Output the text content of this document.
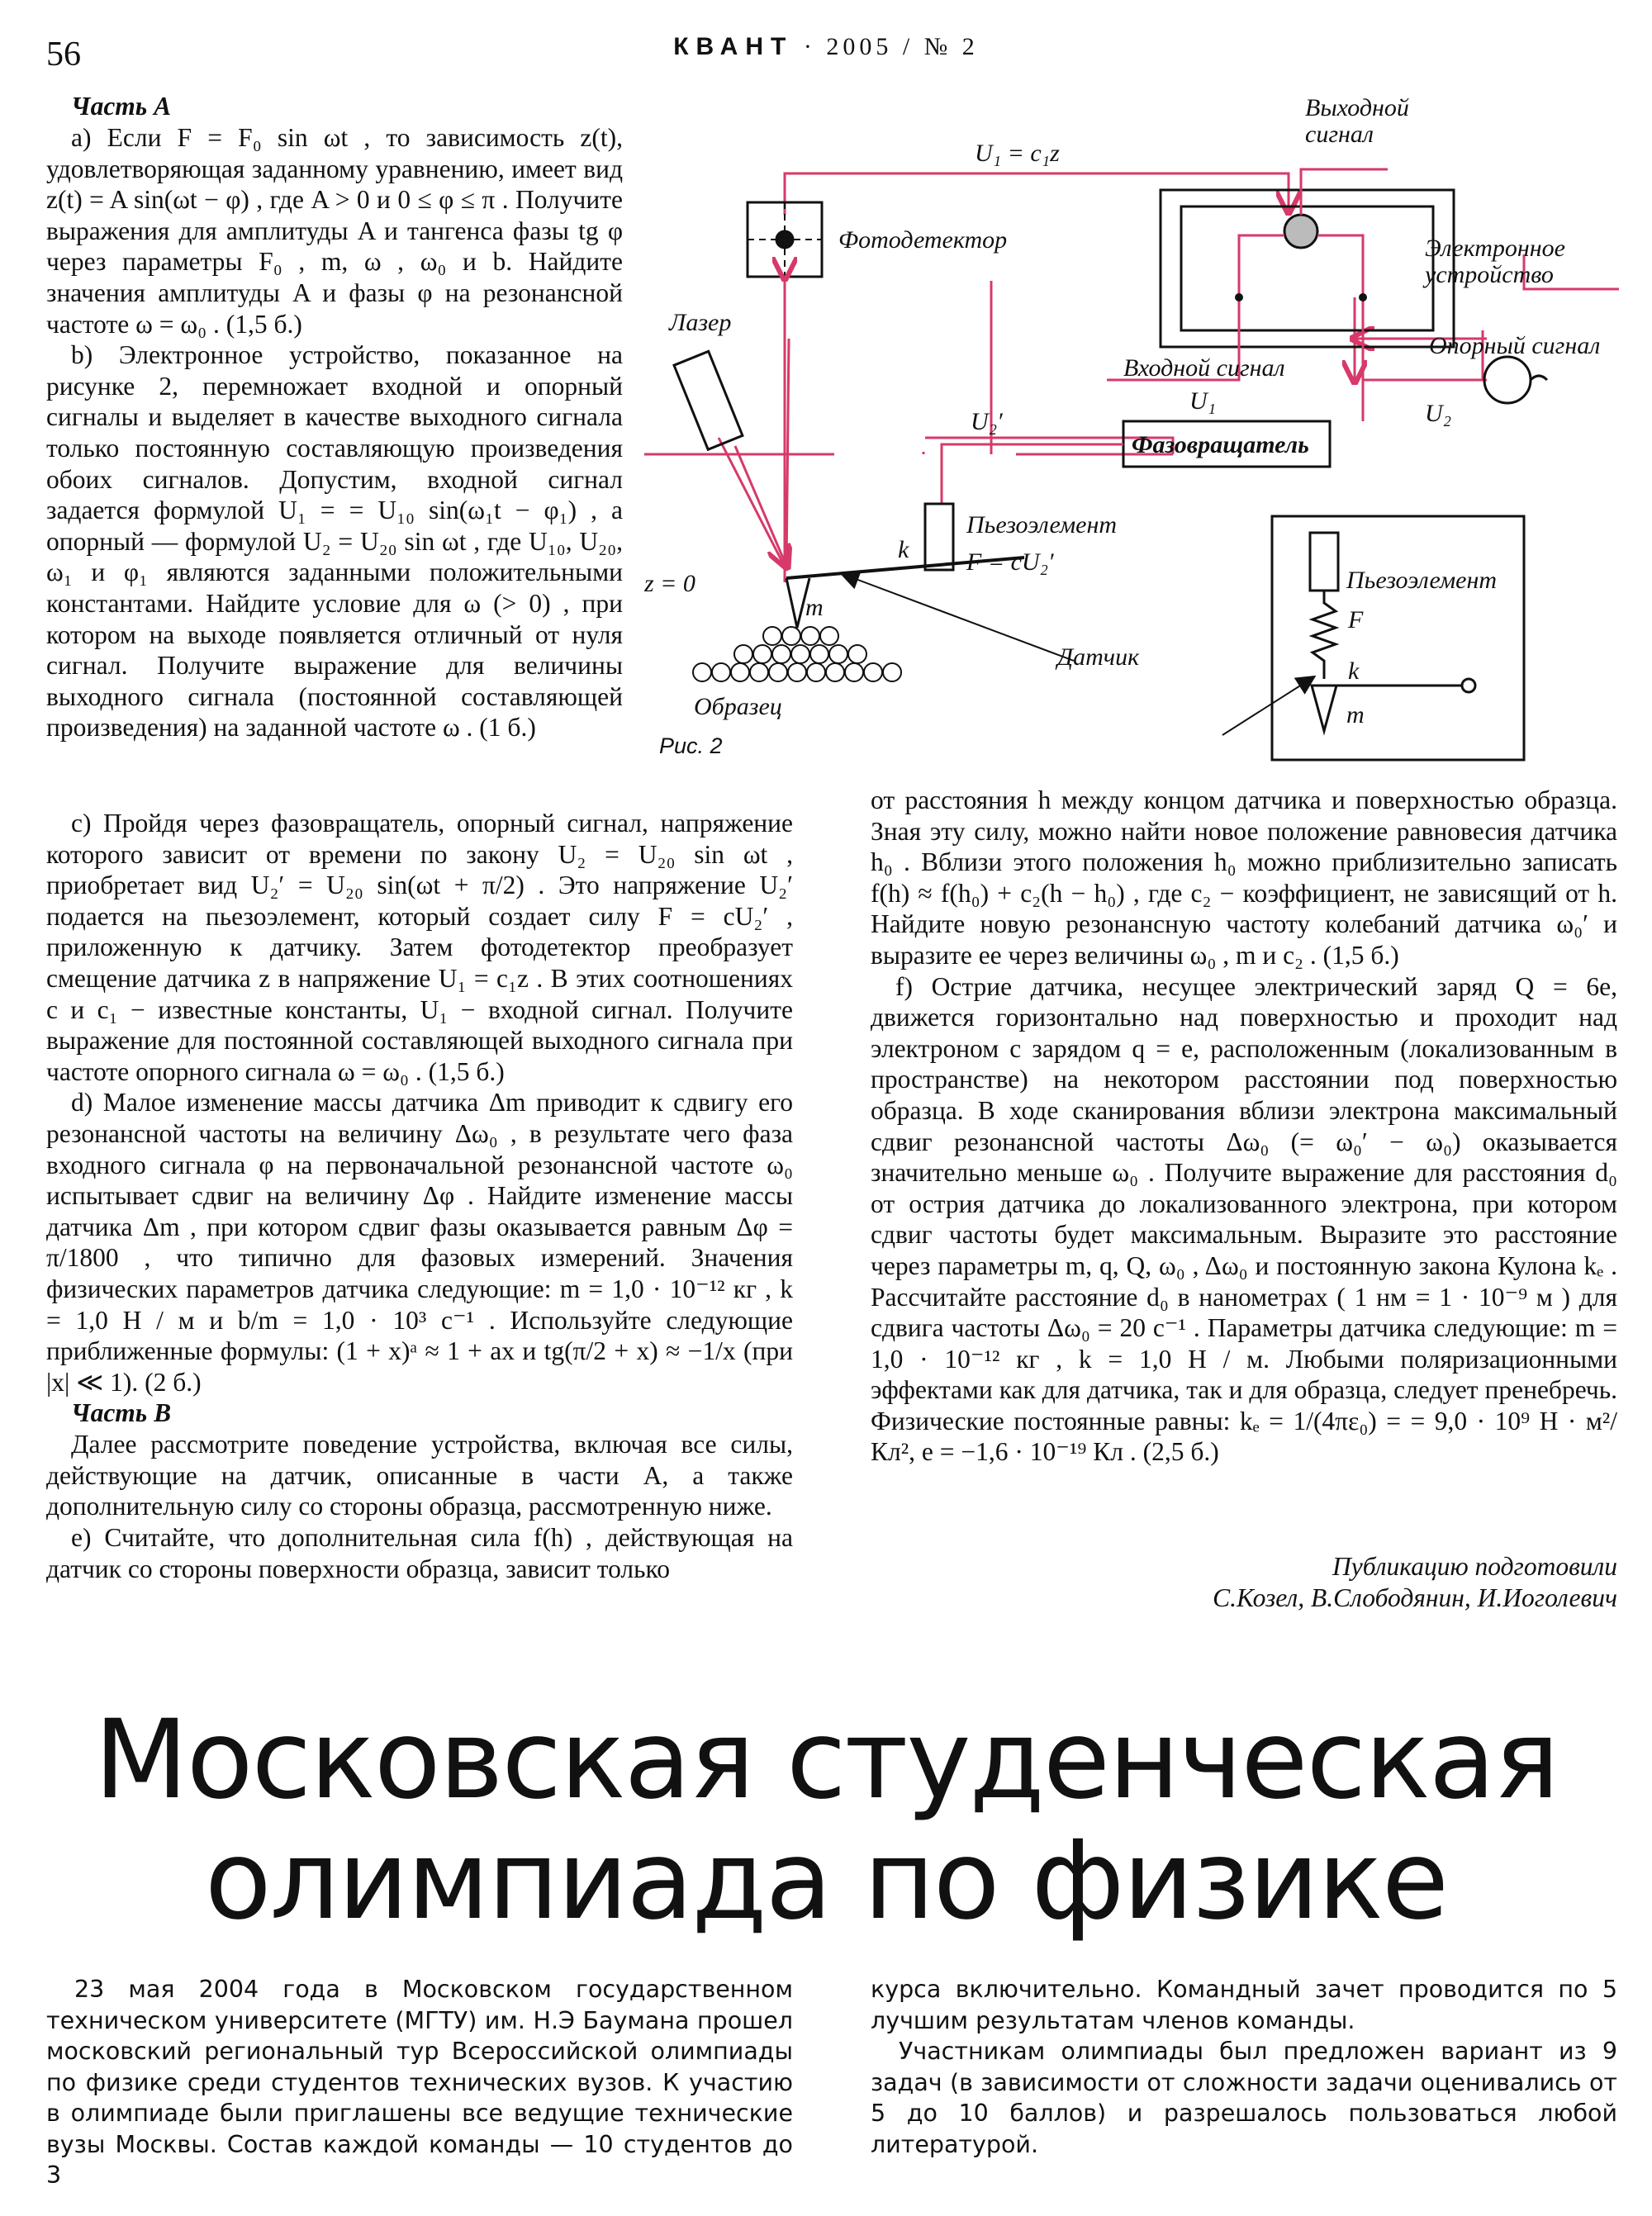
56	КВАНТ · 2005 / № 2
Часть А

a) Если F = F₀ sin ωt , то зависимость z(t), удовлетворяющая заданному уравнению, имеет вид z(t) = A sin(ωt − φ) , где A > 0 и 0 ≤ φ ≤ π . Получите выражения для амплитуды A и тангенса фазы tg φ через параметры F₀ , m, ω , ω₀ и b. Найдите значения амплитуды A и фазы φ на резонансной частоте ω = ω₀ . (1,5 б.)

b) Электронное устройство, показанное на рисунке 2, перемножает входной и опорный сигналы и выделяет в качестве выходного сигнала только постоянную составляющую произведения обоих сигналов. Допустим, входной сигнал задается формулой U₁ = = U₁₀ sin(ω₁t − φ₁) , а опорный — формулой U₂ = U₂₀ sin ωt , где U₁₀, U₂₀, ω₁ и φ₁ являются заданными положительными константами. Найдите условие для ω (> 0) , при котором на выходе появляется отличный от нуля сигнал. Получите выражение для величины выходного сигнала (постоянной составляющей произведения) на заданной частоте ω . (1 б.)

c) Пройдя через фазовращатель, опорный сигнал, напряжение которого зависит от времени по закону U₂ = U₂₀ sin ωt , приобретает вид U₂′ = U₂₀ sin(ωt + π/2) . Это напряжение U₂′ подается на пьезоэлемент, который создает силу F = cU₂′ , приложенную к датчику. Затем фотодетектор преобразует смещение датчика z в напряжение U₁ = c₁z . В этих соотношениях c и c₁ − известные константы, U₁ − входной сигнал. Получите выражение для постоянной составляющей выходного сигнала при частоте опорного сигнала ω = ω₀ . (1,5 б.)

d) Малое изменение массы датчика Δm приводит к сдвигу его резонансной частоты на величину Δω₀ , в результате чего фаза входного сигнала φ на первоначальной резонансной частоте ω₀ испытывает сдвиг на величину Δφ . Найдите изменение массы датчика Δm , при котором сдвиг фазы оказывается равным Δφ = π/1800 , что типично для фазовых измерений. Значения физических параметров датчика следующие: m = 1,0 · 10⁻¹² кг , k = 1,0 Н / м и b/m = 1,0 · 10³ с⁻¹ . Используйте следующие приближенные формулы: (1 + x)ᵃ ≈ 1 + ax и tg(π/2 + x) ≈ −1/x (при |x| ≪ 1). (2 б.)

Часть В

Далее рассмотрите поведение устройства, включая все силы, действующие на датчик, описанные в части А, а также дополнительную силу со стороны образца, рассмотренную ниже.

e) Считайте, что дополнительная сила f(h) , действующая на датчик со стороны поверхности образца, зависит только

от расстояния h между концом датчика и поверхностью образца. Зная эту силу, можно найти новое положение равновесия датчика h₀ . Вблизи этого положения h₀ можно приблизительно записать f(h) ≈ f(h₀) + c₂(h − h₀) , где c₂ − коэффициент, не зависящий от h. Найдите новую резонансную частоту колебаний датчика ω₀′ и выразите ее через величины ω₀ , m и c₂ . (1,5 б.)

f) Острие датчика, несущее электрический заряд Q = 6e, движется горизонтально над поверхностью и проходит над электроном с зарядом q = e, расположенным (локализованным в пространстве) на некотором расстоянии под поверхностью образца. В ходе сканирования вблизи электрона максимальный сдвиг резонансной частоты Δω₀ (= ω₀′ − ω₀) оказывается значительно меньше ω₀ . Получите выражение для расстояния d₀ от острия датчика до локализованного электрона, при котором сдвиг частоты будет максимальным. Выразите это расстояние через параметры m, q, Q, ω₀ , Δω₀ и постоянную закона Кулона kₑ . Рассчитайте расстояние d₀ в нанометрах ( 1 нм = 1 · 10⁻⁹ м ) для сдвига частоты Δω₀ = 20 с⁻¹ . Параметры датчика следующие: m = 1,0 · 10⁻¹² кг , k = 1,0 Н / м. Любыми поляризационными эффектами как для датчика, так и для образца, следует пренебречь. Физические постоянные равны: kₑ = 1/(4πε₀) = = 9,0 · 10⁹ Н · м²/Кл², e = −1,6 · 10⁻¹⁹ Кл . (2,5 б.)

Публикацию подготовили
С.Козел, В.Слободянин, И.Иоголевич
Выходной
сигнал
U₁ = c₁z
Фотодетектор	Электронное
устройство
Лазер
Входной сигнал
Опорный сигнал
U₁	U₂
U₂′
Фазовращатель
Пьезоэлемент
F = cU₂′
k
z = 0
m
Датчик
Образец
Пьезоэлемент
F
k
m
Рис. 2
Московская студенческая
олимпиада по физике

23 мая 2004 года в Московском государственном техническом университете (МГТУ) им. Н.Э Баумана прошел московский региональный тур Всероссийской олимпиады по физике среди студентов технических вузов. К участию в олимпиаде были приглашены все ведущие технические вузы Москвы. Состав каждой команды — 10 студентов до 3

курса включительно. Командный зачет проводится по 5 лучшим результатам членов команды.

Участникам олимпиады был предложен вариант из 9 задач (в зависимости от сложности задачи оценивались от 5 до 10 баллов) и разрешалось пользоваться любой литературой.
